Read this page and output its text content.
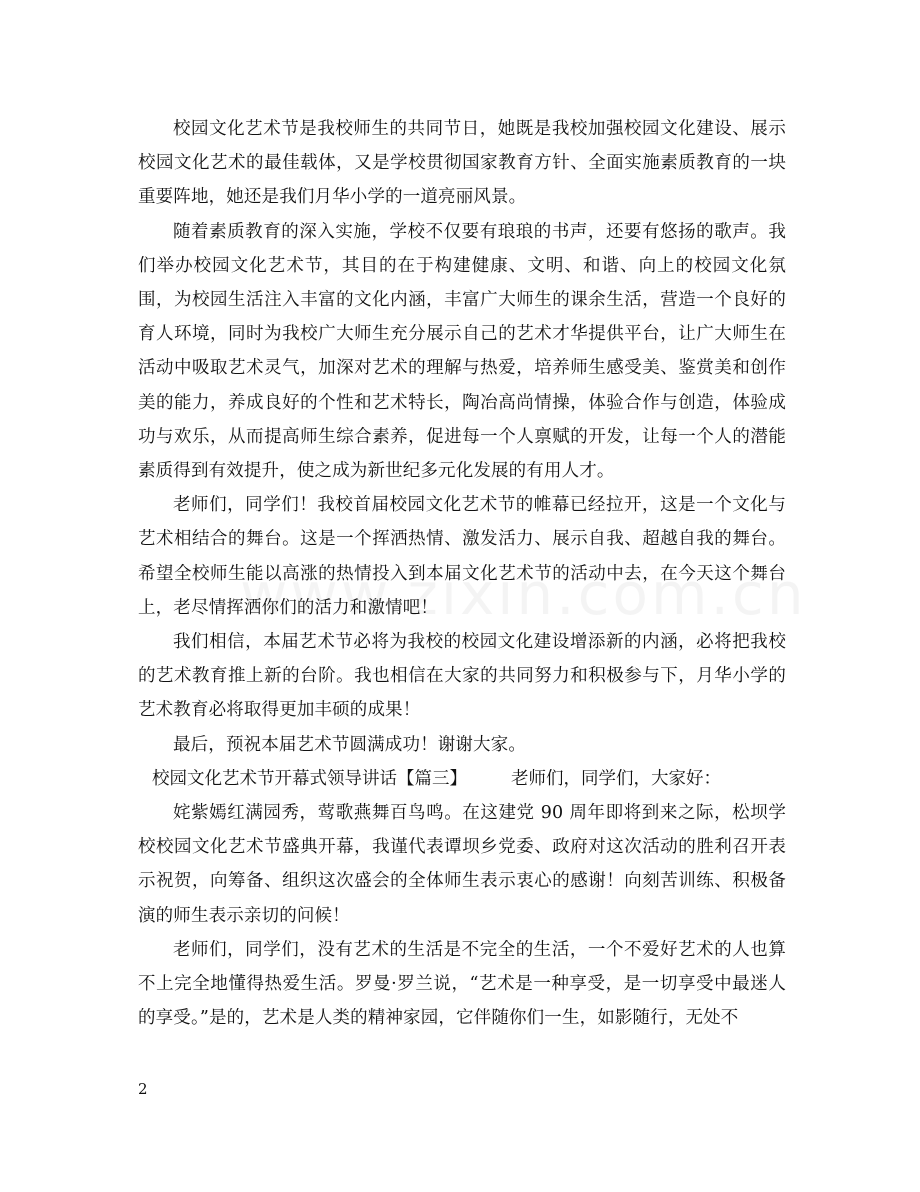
校园文化艺术节是我校师生的共同节日，她既是我校加强校园文化建设、展示校园文化艺术的最佳载体，又是学校贯彻国家教育方针、全面实施素质教育的一块重要阵地，她还是我们月华小学的一道亮丽风景。

随着素质教育的深入实施，学校不仅要有琅琅的书声，还要有悠扬的歌声。我们举办校园文化艺术节，其目的在于构建健康、文明、和谐、向上的校园文化氛围，为校园生活注入丰富的文化内涵，丰富广大师生的课余生活，营造一个良好的育人环境，同时为我校广大师生充分展示自己的艺术才华提供平台，让广大师生在活动中吸取艺术灵气，加深对艺术的理解与热爱，培养师生感受美、鉴赏美和创作美的能力，养成良好的个性和艺术特长，陶冶高尚情操，体验合作与创造，体验成功与欢乐，从而提高师生综合素养，促进每一个人禀赋的开发，让每一个人的潜能素质得到有效提升，使之成为新世纪多元化发展的有用人才。

老师们，同学们！我校首届校园文化艺术节的帷幕已经拉开，这是一个文化与艺术相结合的舞台。这是一个挥洒热情、激发活力、展示自我、超越自我的舞台。希望全校师生能以高涨的热情投入到本届文化艺术节的活动中去，在今天这个舞台上，老尽情挥洒你们的活力和激情吧！

我们相信，本届艺术节必将为我校的校园文化建设增添新的内涵，必将把我校的艺术教育推上新的台阶。我也相信在大家的共同努力和积极参与下，月华小学的艺术教育必将取得更加丰硕的成果！

最后，预祝本届艺术节圆满成功！谢谢大家。

校园文化艺术节开幕式领导讲话【篇三】	老师们，同学们，大家好：

姹紫嫣红满园秀，莺歌燕舞百鸟鸣。在这建党 90 周年即将到来之际，松坝学校校园文化艺术节盛典开幕，我谨代表谭坝乡党委、政府对这次活动的胜利召开表示祝贺，向筹备、组织这次盛会的全体师生表示衷心的感谢！向刻苦训练、积极备演的师生表示亲切的问候！

老师们，同学们，没有艺术的生活是不完全的生活，一个不爱好艺术的人也算不上完全地懂得热爱生活。罗曼·罗兰说，“艺术是一种享受，是一切享受中最迷人的享受。”是的，艺术是人类的精神家园，它伴随你们一生，如影随行，无处不

2
